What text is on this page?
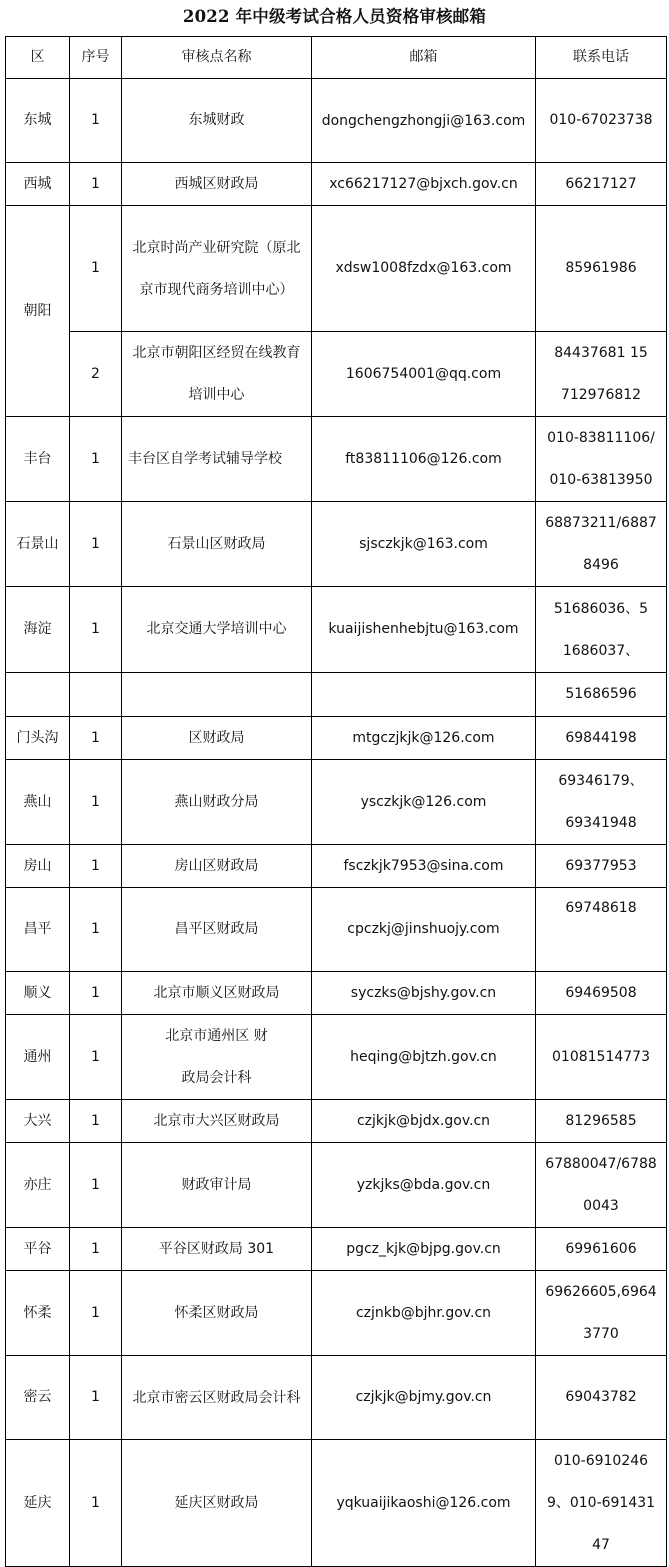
2022 年中级考试合格人员资格审核邮箱
区	序号	审核点名称	邮箱	联系电话
东城	1	东城财政	dongchengzhongji@163.com	010-67023738
西城	1	西城区财政局	xc66217127@bjxch.gov.cn	66217127
朝阳	1	北京时尚产业研究院（原北京市现代商务培训中心）	xdsw1008fzdx@163.com	85961986
	2	北京市朝阳区经贸在线教育培训中心	1606754001@qq.com	84437681 15712976812
丰台	1	丰台区自学考试辅导学校	ft83811106@126.com	010-83811106/ 010-63813950
石景山	1	石景山区财政局	sjsczkjk@163.com	68873211/68878496
海淀	1	北京交通大学培训中心	kuaijishenhebjtu@163.com	51686036、51686037、
				51686596
门头沟	1	区财政局	mtgczjkjk@126.com	69844198
燕山	1	燕山财政分局	ysczkjk@126.com	69346179、69341948
房山	1	房山区财政局	fsczkjk7953@sina.com	69377953
昌平	1	昌平区财政局	cpczkj@jinshuojy.com	69748618
顺义	1	北京市顺义区财政局	syczks@bjshy.gov.cn	69469508
通州	1	北京市通州区 财政局会计科	heqing@bjtzh.gov.cn	01081514773
大兴	1	北京市大兴区财政局	czjkjk@bjdx.gov.cn	81296585
亦庄	1	财政审计局	yzkjks@bda.gov.cn	67880047/67880043
平谷	1	平谷区财政局 301	pgcz_kjk@bjpg.gov.cn	69961606
怀柔	1	怀柔区财政局	czjnkb@bjhr.gov.cn	69626605,69643770
密云	1	北京市密云区财政局会计科	czjkjk@bjmy.gov.cn	69043782
延庆	1	延庆区财政局	yqkuaijikaoshi@126.com	010-69102469、010-69143147
